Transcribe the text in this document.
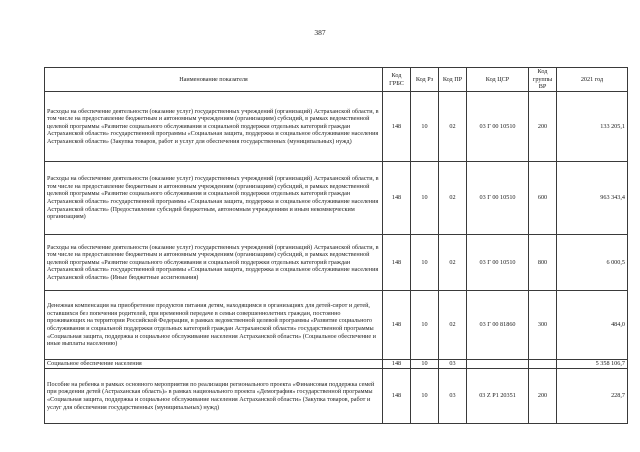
387
Наименование показателя	Код ГРБС	Код Рз	Код ПР	Код ЦСР	Код группы ВР	2021 год
Расходы на обеспечение деятельности (оказание услуг) государственных учреждений (организаций) Астраханской области, в том числе на предоставление бюджетным и автономным учреждениям (организациям) субсидий, в рамках ведомственной целевой программы «Развитие социального обслуживания и социальной поддержки отдельных категорий граждан Астраханской области» государственной программы «Социальная защита, поддержка и социальное обслуживание населения Астраханской области» (Закупка товаров, работ и услуг для обеспечения государственных (муниципальных) нужд)	148	10	02	03 Г 00 10510	200	133 205,1
Расходы на обеспечение деятельности (оказание услуг) государственных учреждений (организаций) Астраханской области, в том числе на предоставление бюджетным и автономным учреждениям (организациям) субсидий, в рамках ведомственной целевой программы «Развитие социального обслуживания и социальной поддержки отдельных категорий граждан Астраханской области» государственной программы «Социальная защита, поддержка и социальное обслуживание населения Астраханской области» (Предоставление субсидий бюджетным, автономным учреждениям и иным некоммерческим организациям)	148	10	02	03 Г 00 10510	600	963 343,4
Расходы на обеспечение деятельности (оказание услуг) государственных учреждений (организаций) Астраханской области, в том числе на предоставление бюджетным и автономным учреждениям (организациям) субсидий, в рамках ведомственной целевой программы «Развитие социального обслуживания и социальной поддержки отдельных категорий граждан Астраханской области» государственной программы «Социальная защита, поддержка и социальное обслуживание населения Астраханской области» (Иные бюджетные ассигнования)	148	10	02	03 Г 00 10510	800	6 000,5
Денежная компенсация на приобретение продуктов питания детям, находящимся в организациях для детей-сирот и детей, оставшихся без попечения родителей, при временной передаче в семьи совершеннолетних граждан, постоянно проживающих на территории Российской Федерации, в рамках ведомственной целевой программы «Развитие социального обслуживания и социальной поддержки отдельных категорий граждан Астраханской области» государственной программы «Социальная защита, поддержка и социальное обслуживание населения Астраханской области» (Социальное обеспечение и иные выплаты населению)	148	10	02	03 Г 00 81860	300	484,0
Социальное обеспечение населения	148	10	03			5 358 106,7
Пособие на ребенка в рамках основного мероприятия по реализации регионального проекта «Финансовая поддержка семей при рождении детей (Астраханская область)» в рамках национального проекта «Демография» государственной программы «Социальная защита, поддержка и социальное обслуживание населения Астраханской области» (Закупка товаров, работ и услуг для обеспечения государственных (муниципальных) нужд)	148	10	03	03 Z P1 20351	200	228,7
